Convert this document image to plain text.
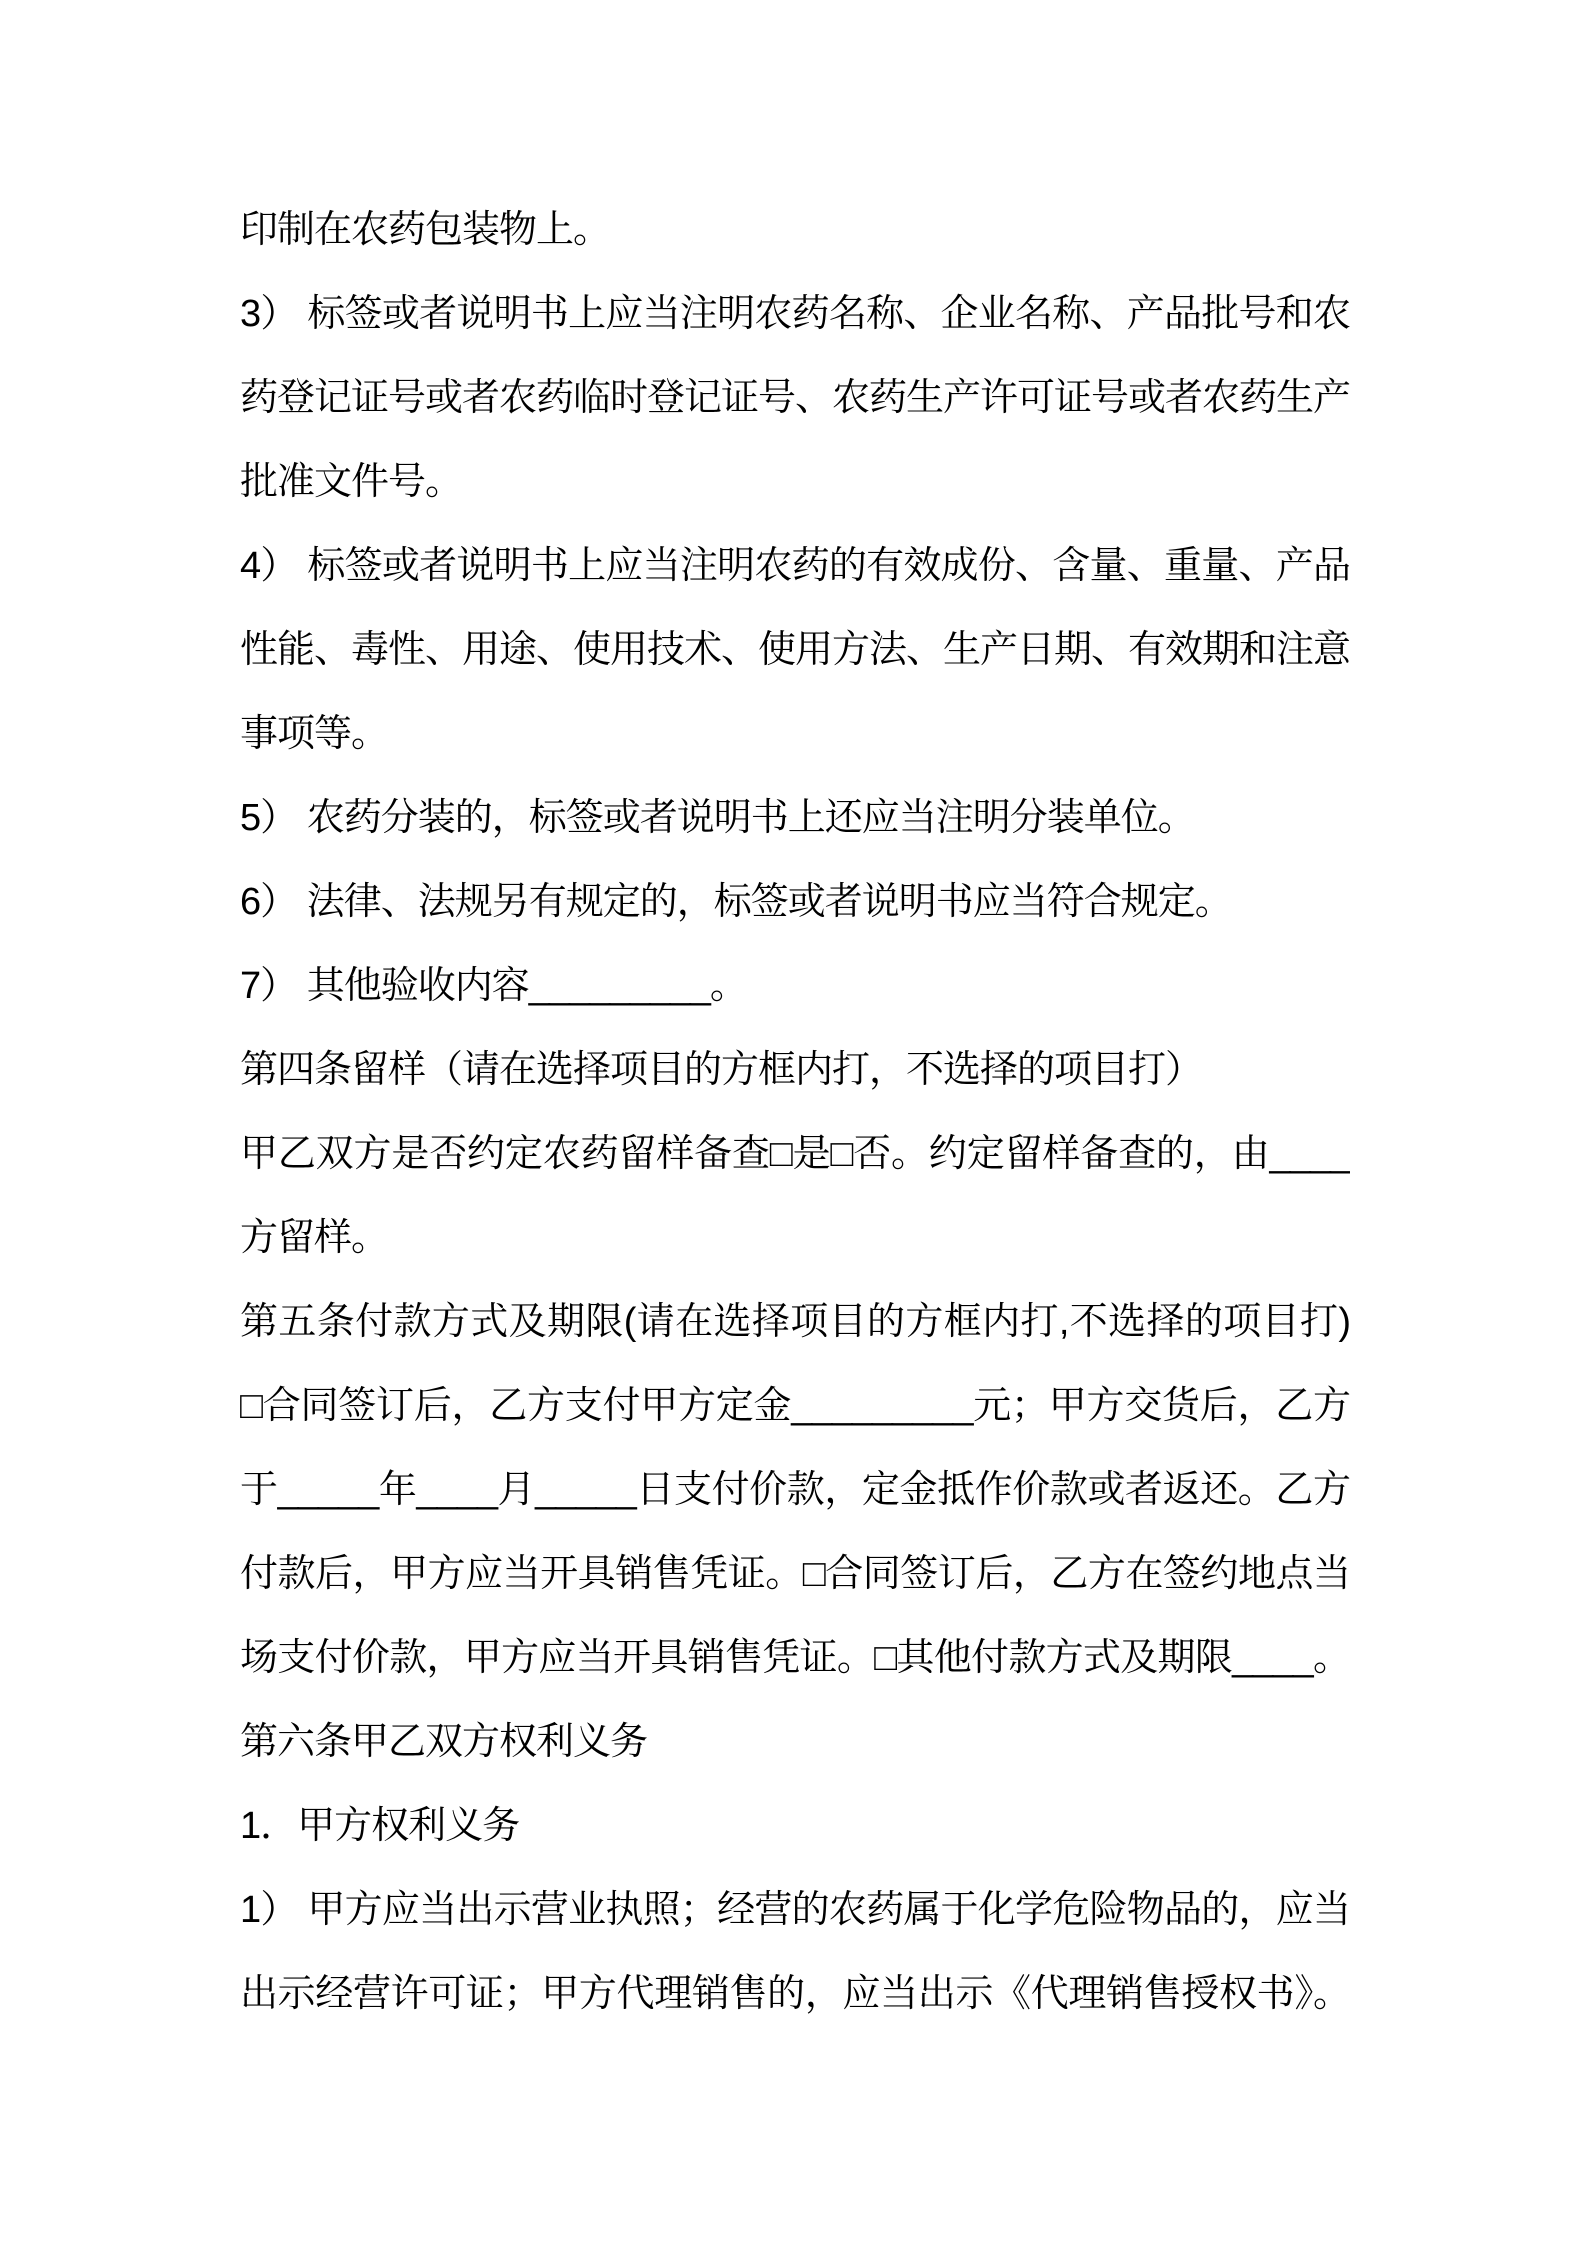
印制在农药包装物上。
3） 标签或者说明书上应当注明农药名称、企业名称、产品批号和农
药登记证号或者农药临时登记证号、农药生产许可证号或者农药生产
批准文件号。
4） 标签或者说明书上应当注明农药的有效成份、含量、重量、产品
性能、毒性、用途、使用技术、使用方法、生产日期、有效期和注意
事项等。
5） 农药分装的，标签或者说明书上还应当注明分装单位。
6） 法律、法规另有规定的，标签或者说明书应当符合规定。
7） 其他验收内容_________。
第四条留样（请在选择项目的方框内打，不选择的项目打）
甲乙双方是否约定农药留样备查□是□否。约定留样备查的，由____
方留样。
第五条付款方式及期限(请在选择项目的方框内打,不选择的项目打)
□合同签订后，乙方支付甲方定金_________元；甲方交货后，乙方
于_____年____月_____日支付价款，定金抵作价款或者返还。乙方
付款后，甲方应当开具销售凭证。□合同签订后，乙方在签约地点当
场支付价款，甲方应当开具销售凭证。□其他付款方式及期限____。
第六条甲乙双方权利义务
1．甲方权利义务
1） 甲方应当出示营业执照；经营的农药属于化学危险物品的，应当
出示经营许可证；甲方代理销售的，应当出示《代理销售授权书》。
